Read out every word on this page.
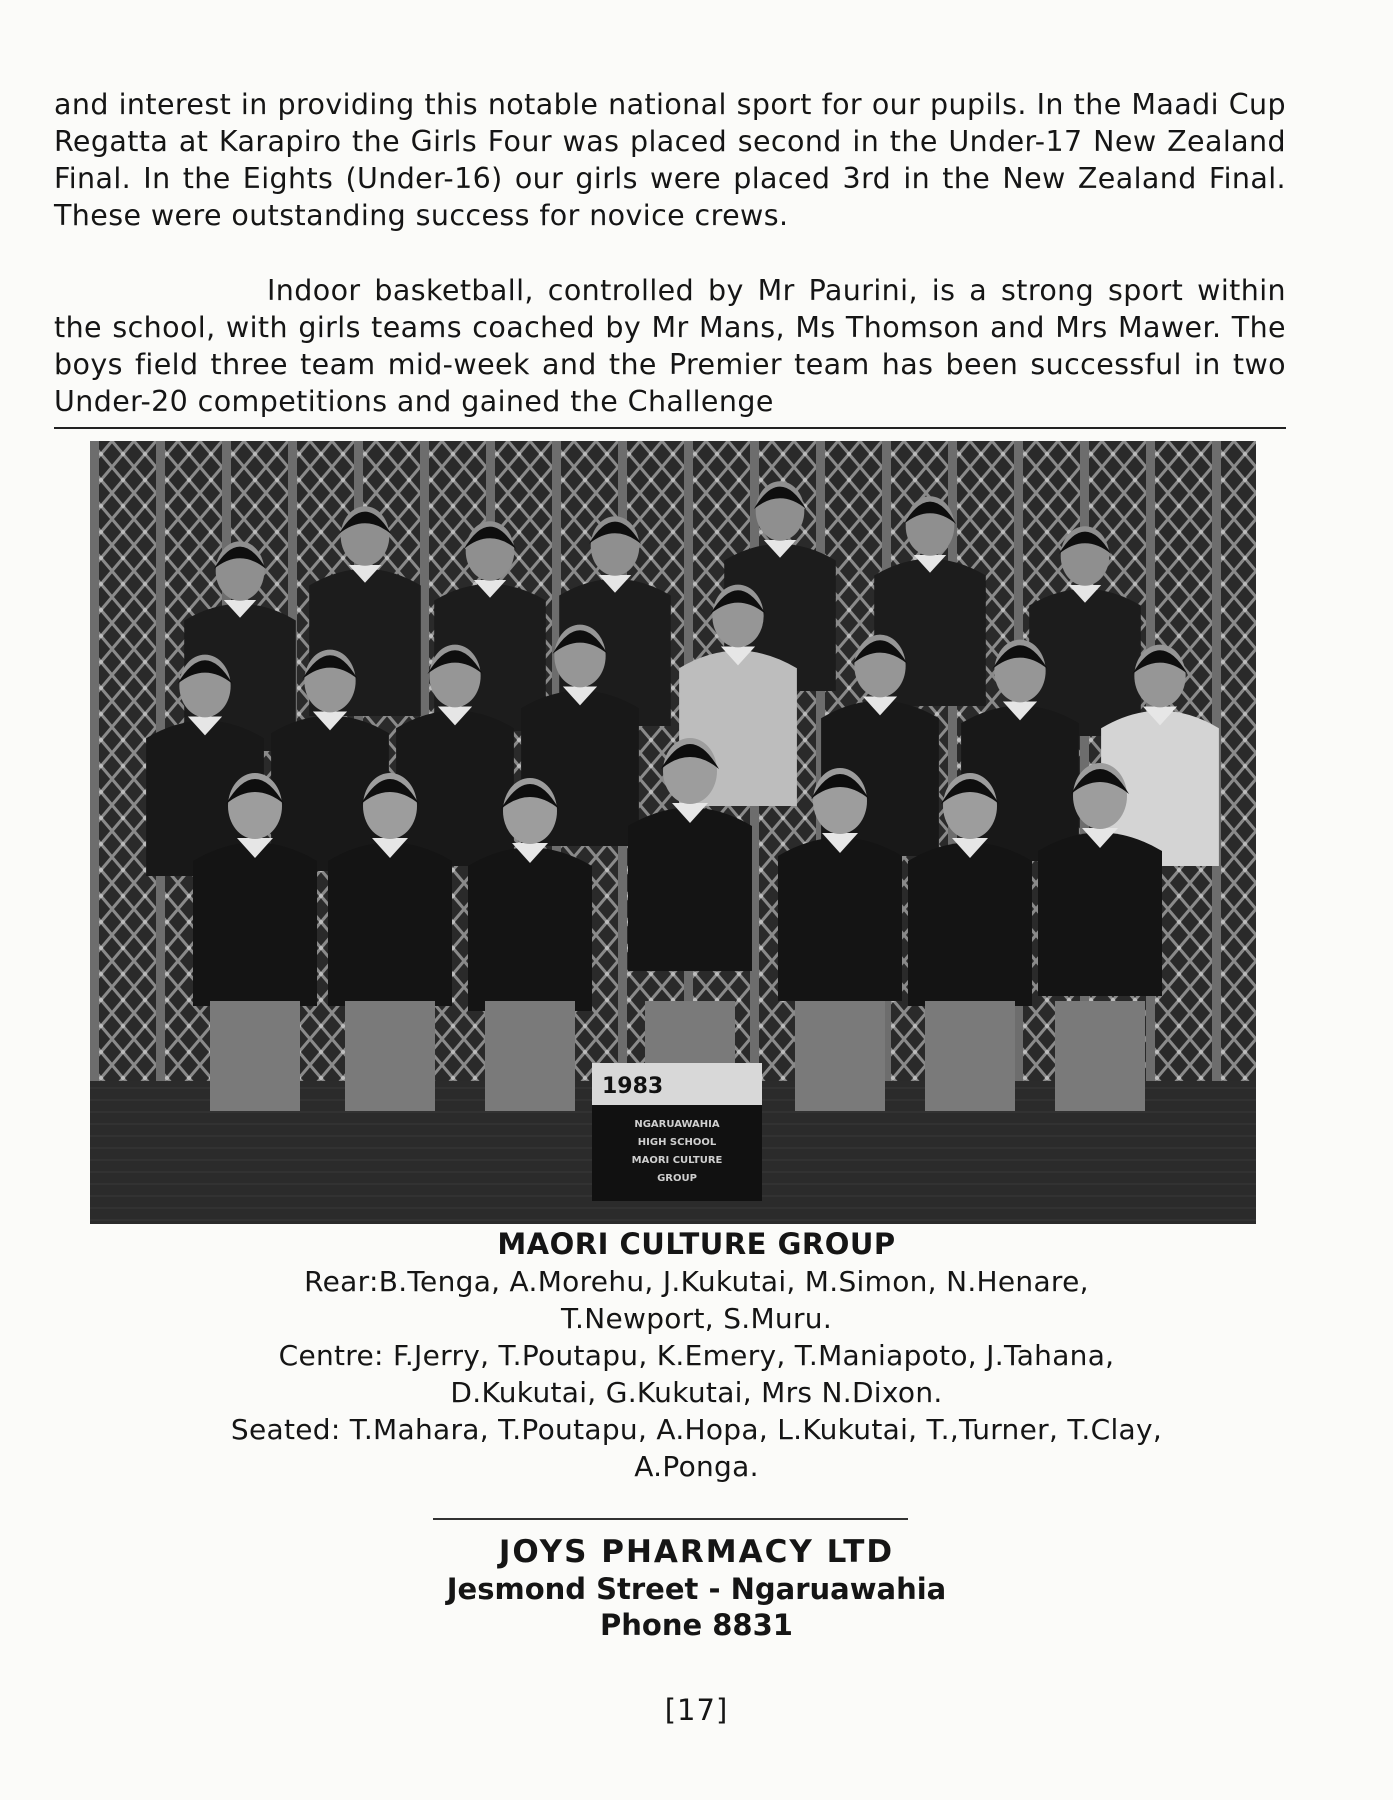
and interest in providing this notable national sport for our pupils. In the Maadi Cup Regatta at Karapiro the Girls Four was placed second in the Under-17 New Zealand Final. In the Eights (Under-16) our girls were placed 3rd in the New Zealand Final. These were outstanding success for novice crews.

Indoor basketball, controlled by Mr Paurini, is a strong sport within the school, with girls teams coached by Mr Mans, Ms Thomson and Mrs Mawer. The boys field three team mid-week and the Premier team has been successful in two Under-20 competitions and gained the Challenge

1983
NGARUAWAHIA
HIGH SCHOOL
MAORI CULTURE
GROUP
MAORI CULTURE GROUP
Rear:B.Tenga, A.Morehu, J.Kukutai, M.Simon, N.Henare,
T.Newport, S.Muru.
Centre: F.Jerry, T.Poutapu, K.Emery, T.Maniapoto, J.Tahana,
D.Kukutai, G.Kukutai, Mrs N.Dixon.
Seated: T.Mahara, T.Poutapu, A.Hopa, L.Kukutai, T.,Turner, T.Clay,
A.Ponga.
JOYS PHARMACY LTD
Jesmond Street - Ngaruawahia
Phone 8831
[17]
